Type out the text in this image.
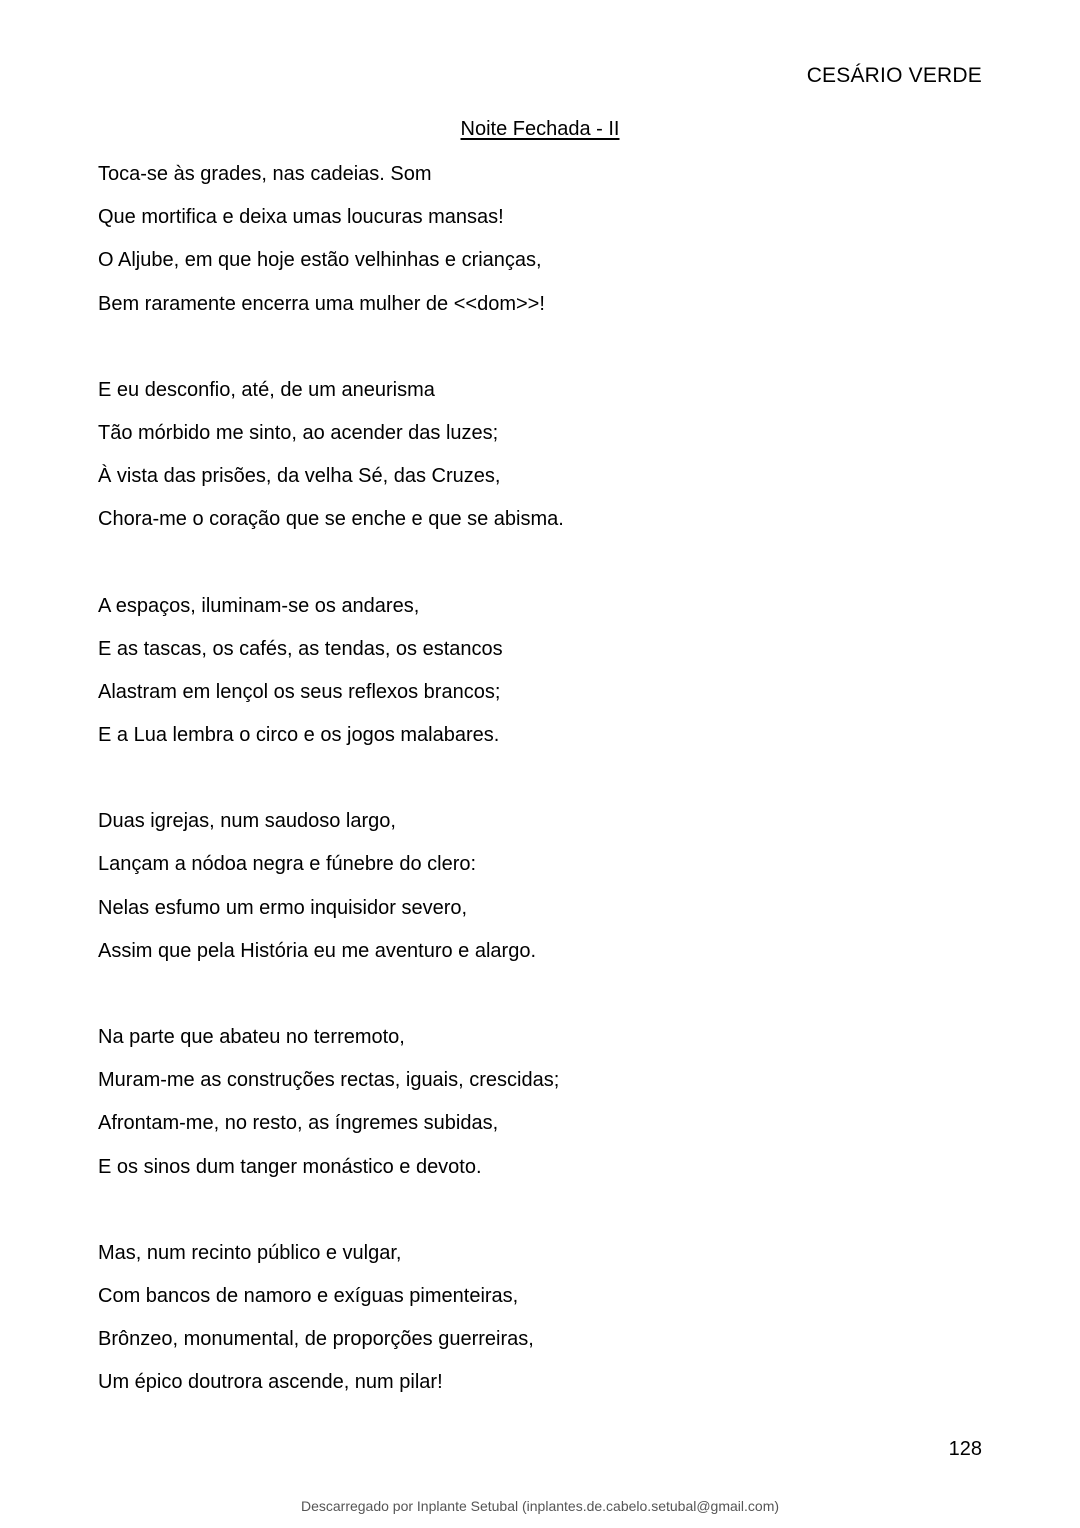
CESÁRIO VERDE
Noite Fechada - II
Toca-se às grades, nas cadeias. Som
Que mortifica e deixa umas loucuras mansas!
O Aljube, em que hoje estão velhinhas e crianças,
Bem raramente encerra uma mulher de <<dom>>!
E eu desconfio, até, de um aneurisma
Tão mórbido me sinto, ao acender das luzes;
À vista das prisões, da velha Sé, das Cruzes,
Chora-me o coração que se enche e que se abisma.
A espaços, iluminam-se os andares,
E as tascas, os cafés, as tendas, os estancos
Alastram em lençol os seus reflexos brancos;
E a Lua lembra o circo e os jogos malabares.
Duas igrejas, num saudoso largo,
Lançam a nódoa negra e fúnebre do clero:
Nelas esfumo um ermo inquisidor severo,
Assim que pela História eu me aventuro e alargo.
Na parte que abateu no terremoto,
Muram-me as construções rectas, iguais, crescidas;
Afrontam-me, no resto, as íngremes subidas,
E os sinos dum tanger monástico e devoto.
Mas, num recinto público e vulgar,
Com bancos de namoro e exíguas pimenteiras,
Brônzeo, monumental, de proporções guerreiras,
Um épico doutrora ascende, num pilar!
128
Descarregado por Inplante Setubal (inplantes.de.cabelo.setubal@gmail.com)
